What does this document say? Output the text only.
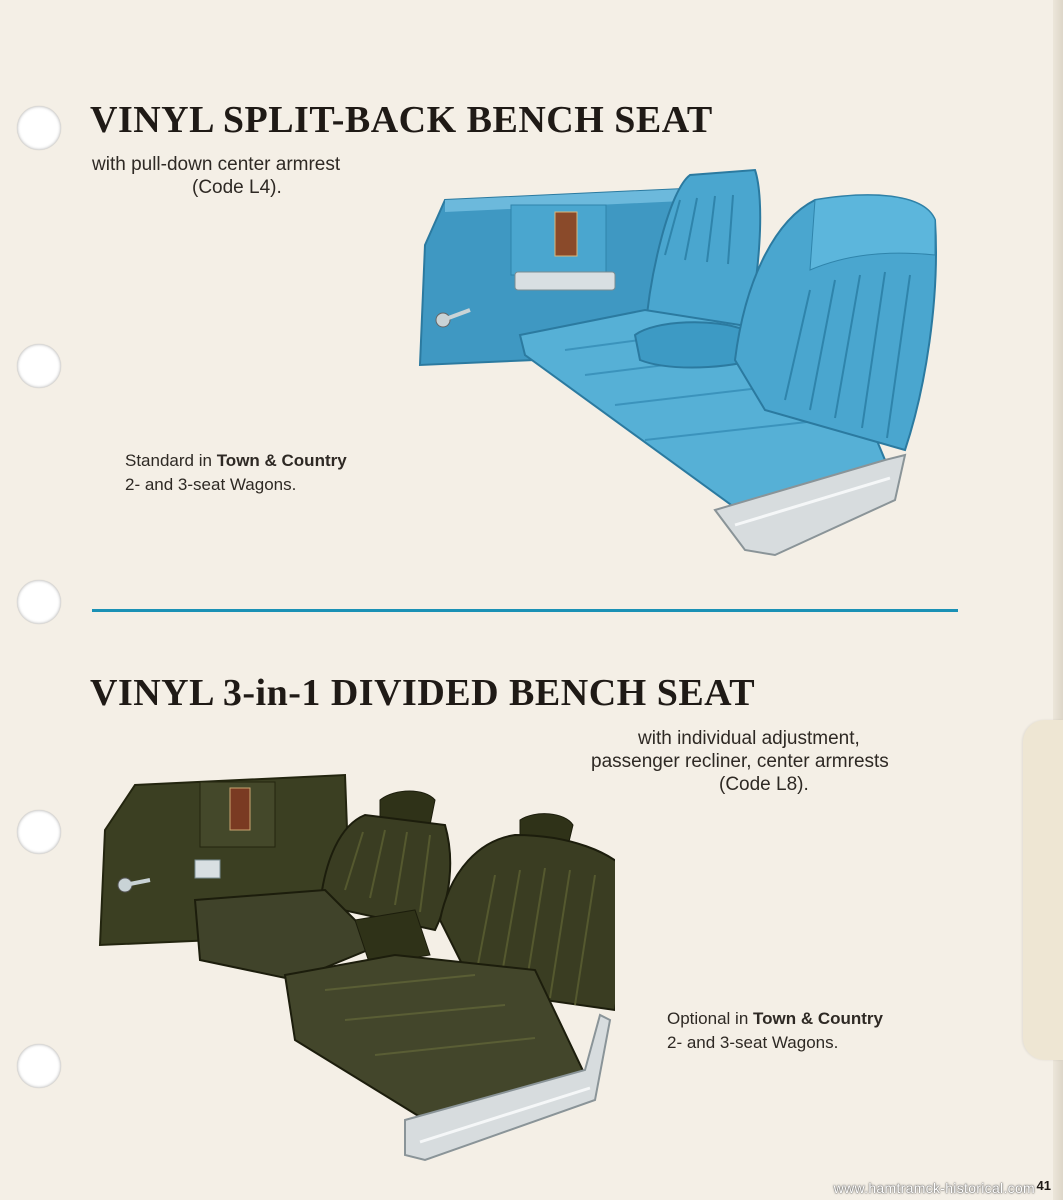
VINYL SPLIT-BACK BENCH SEAT
with pull-down center armrest
(Code L4).
Standard in Town & Country
2- and 3-seat Wagons.
VINYL 3-in-1 DIVIDED BENCH SEAT
with individual adjustment,
passenger recliner, center armrests
(Code L8).
Optional in Town & Country
2- and 3-seat Wagons.
www.hamtramck-historical.com 41
